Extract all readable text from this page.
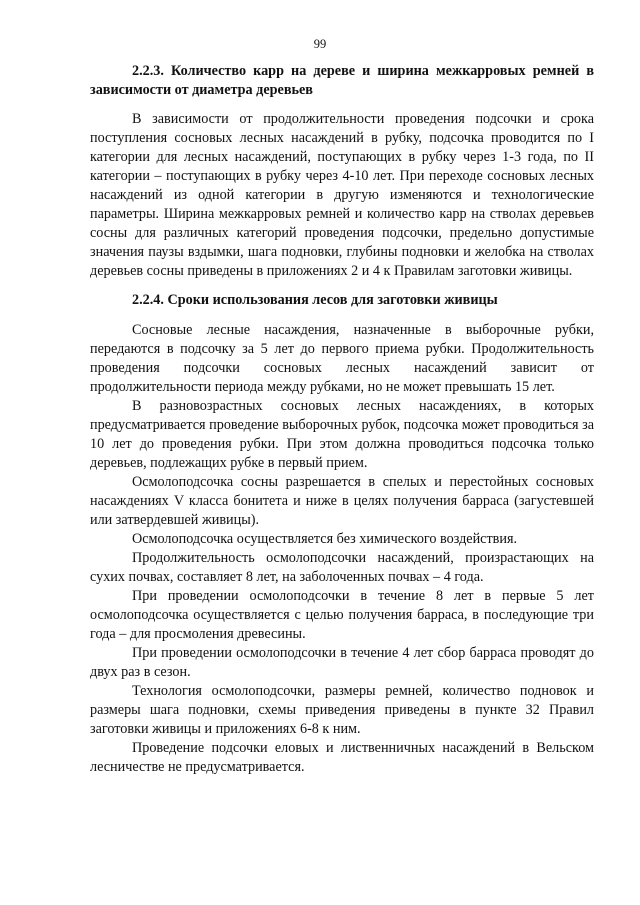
99

2.2.3. Количество карр на дереве и ширина межкарровых ремней в зависимости от диаметра деревьев

В зависимости от продолжительности проведения подсочки и срока поступления сосновых лесных насаждений в рубку, подсочка проводится по I категории для лесных насаждений, поступающих в рубку через 1-3 года, по II категории – поступающих в рубку через 4-10 лет. При переходе сосновых лесных насаждений из одной категории в другую изменяются и технологические параметры. Ширина межкарровых ремней и количество карр на стволах деревьев сосны для различных категорий проведения подсочки, предельно допустимые значения паузы вздымки, шага подновки, глубины подновки и желобка на стволах деревьев сосны приведены в приложениях 2 и 4 к Правилам заготовки живицы.

2.2.4. Сроки использования лесов для заготовки живицы

Сосновые лесные насаждения, назначенные в выборочные рубки, передаются в подсочку за 5 лет до первого приема рубки. Продолжительность проведения подсочки сосновых лесных насаждений зависит от продолжительности периода между рубками, но не может превышать 15 лет.

В разновозрастных сосновых лесных насаждениях, в которых предусматривается проведение выборочных рубок, подсочка может проводиться за 10 лет до проведения рубки. При этом должна проводиться подсочка только деревьев, подлежащих рубке в первый прием.

Осмолоподсочка сосны разрешается в спелых и перестойных сосновых насаждениях V класса бонитета и ниже в целях получения барраса (загустевшей или затвердевшей живицы).

Осмолоподсочка осуществляется без химического воздействия.

Продолжительность осмолоподсочки насаждений, произрастающих на сухих почвах, составляет 8 лет, на заболоченных почвах – 4 года.

При проведении осмолоподсочки в течение 8 лет в первые 5 лет осмолоподсочка осуществляется с целью получения барраса, в последующие три года – для просмоления древесины.

При проведении осмолоподсочки в течение 4 лет сбор барраса проводят до двух раз в сезон.

Технология осмолоподсочки, размеры ремней, количество подновок и размеры шага подновки, схемы приведения приведены в пункте 32 Правил заготовки живицы и приложениях 6-8 к ним.

Проведение подсочки еловых и лиственничных насаждений в Вельском лесничестве не предусматривается.
